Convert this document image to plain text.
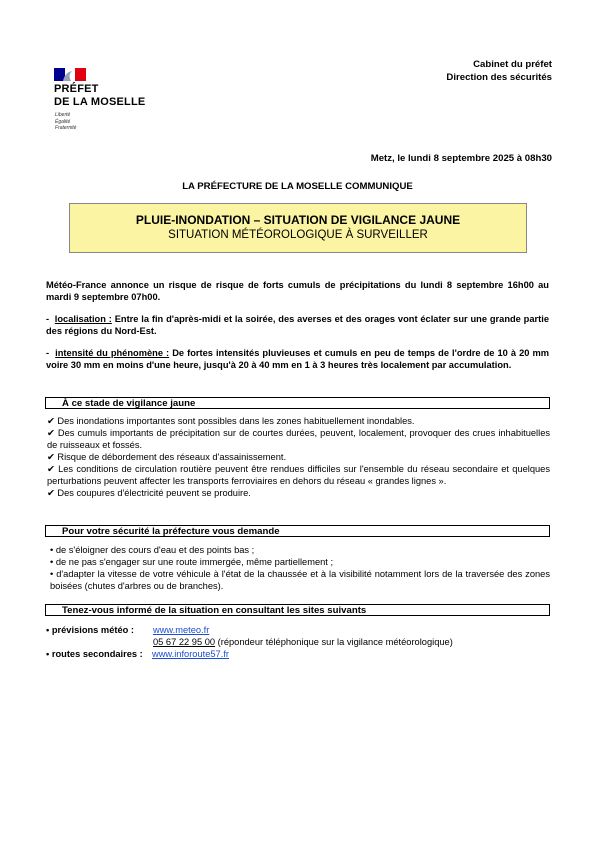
PRÉFET
DE LA MOSELLE
Liberté
Égalité
Fraternité
Cabinet du préfet
Direction des sécurités
Metz, le lundi 8 septembre 2025 à 08h30
LA PRÉFECTURE DE LA MOSELLE COMMUNIQUE
PLUIE-INONDATION – SITUATION DE VIGILANCE JAUNE
SITUATION MÉTÉOROLOGIQUE À SURVEILLER
Météo-France annonce un risque de risque de forts cumuls de précipitations du lundi 8 septembre 16h00 au mardi 9 septembre 07h00.
-  localisation : Entre la fin d'après-midi et la soirée, des averses et des orages vont éclater sur une grande partie des régions du Nord-Est.
-  intensité du phénomène : De fortes intensités pluvieuses et cumuls en peu de temps de l'ordre de 10 à 20 mm voire 30 mm en moins d'une heure, jusqu'à 20 à 40 mm en 1 à 3 heures très localement par accumulation.
À ce stade de vigilance jaune
✔ Des inondations importantes sont possibles dans les zones habituellement inondables.
✔ Des cumuls importants de précipitation sur de courtes durées, peuvent, localement, provoquer des crues inhabituelles de ruisseaux et fossés.
✔ Risque de débordement des réseaux d'assainissement.
✔ Les conditions de circulation routière peuvent être rendues difficiles sur l'ensemble du réseau secondaire et quelques perturbations peuvent affecter les transports ferroviaires en dehors du réseau « grandes lignes ».
✔ Des coupures d'électricité peuvent se produire.
Pour votre sécurité la préfecture vous demande
• de s'éloigner des cours d'eau et des points bas ;
• de ne pas s'engager sur une route immergée, même partiellement ;
• d'adapter la vitesse de votre véhicule à l'état de la chaussée et à la visibilité notamment lors de la traversée des zones boisées (chutes d'arbres ou de branches).
Tenez-vous informé de la situation en consultant les sites suivants
• prévisions météo : www.meteo.fr
05 67 22 95 00 (répondeur téléphonique sur la vigilance météorologique)
• routes secondaires : www.inforoute57.fr
